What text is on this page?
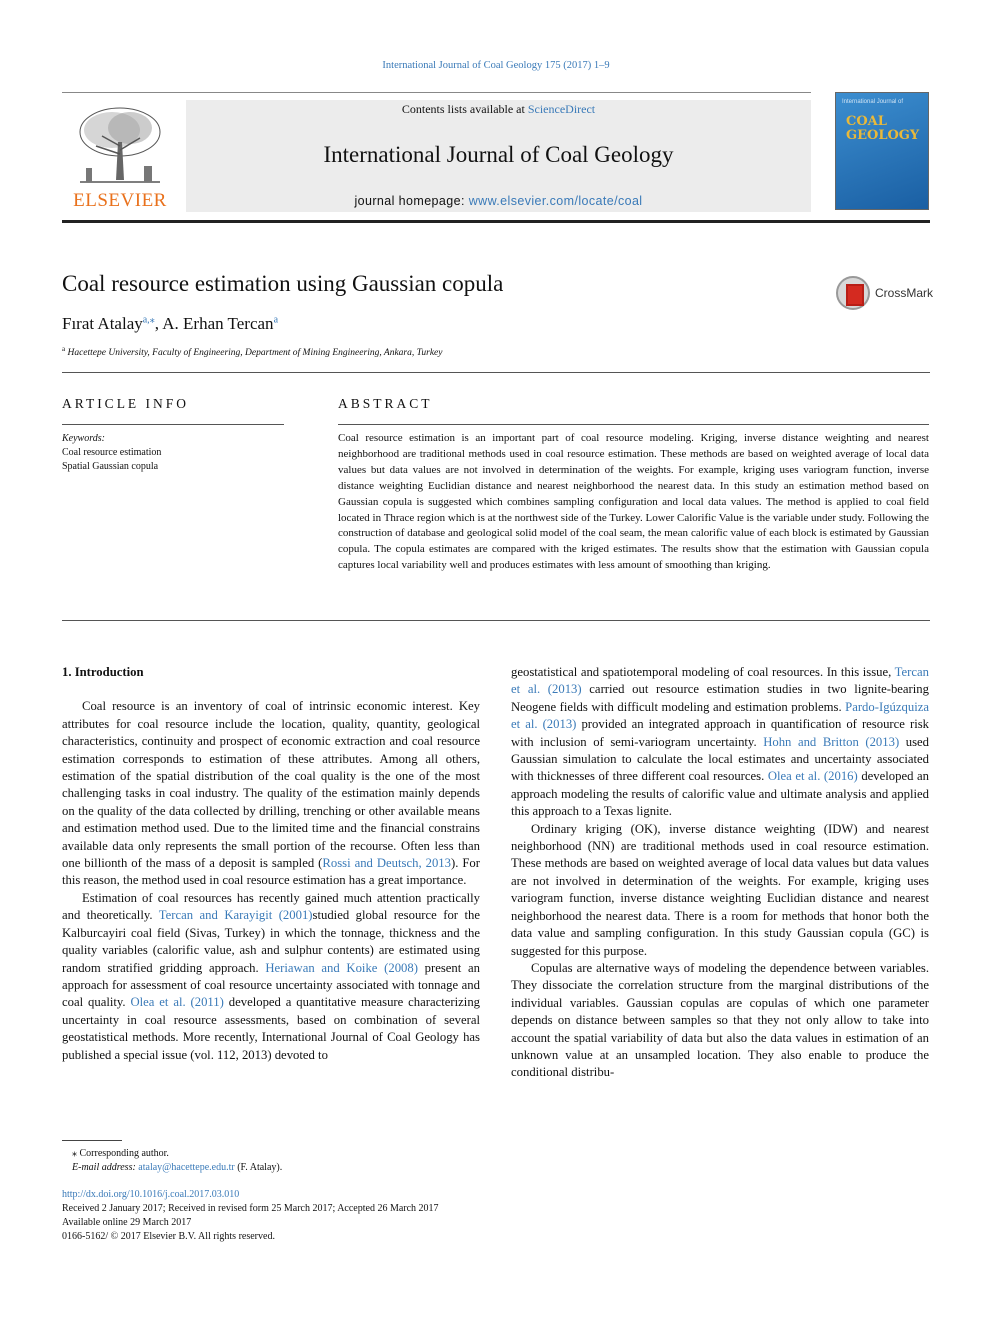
International Journal of Coal Geology 175 (2017) 1–9
ELSEVIER
Contents lists available at ScienceDirect
International Journal of Coal Geology
journal homepage: www.elsevier.com/locate/coal
International Journal of
COAL GEOLOGY
Coal resource estimation using Gaussian copula	CrossMark
Fırat Atalay$^{a,⁎}$, A. Erhan Tercan$^a$
$^a$ Hacettepe University, Faculty of Engineering, Department of Mining Engineering, Ankara, Turkey
ARTICLE INFO
Keywords:
Coal resource estimation
Spatial Gaussian copula
ABSTRACT
Coal resource estimation is an important part of coal resource modeling. Kriging, inverse distance weighting and nearest neighborhood are traditional methods used in coal resource estimation. These methods are based on weighted average of local data values but data values are not involved in determination of the weights. For example, kriging uses variogram function, inverse distance weighting Euclidian distance and nearest neighborhood the nearest data. In this study an estimation method based on Gaussian copula is suggested which combines sampling configuration and local data values. The method is applied to coal field located in Thrace region which is at the northwest side of the Turkey. Lower Calorific Value is the variable under study. Following the construction of database and geological solid model of the coal seam, the mean calorific value of each block is estimated by Gaussian copula. The copula estimates are compared with the kriged estimates. The results show that the estimation with Gaussian copula captures local variability well and produces estimates with less amount of smoothing than kriging.

1. Introduction

Coal resource is an inventory of coal of intrinsic economic interest. Key attributes for coal resource include the location, quality, quantity, geological characteristics, continuity and prospect of economic extraction and coal resource estimation corresponds to estimation of these attributes. Among all others, estimation of the spatial distribution of the coal quality is the one of the most challenging tasks in coal industry. The quality of the estimation mainly depends on the quality of the data collected by drilling, trenching or other available means and estimation method used. Due to the limited time and the financial constrains available data only represents the small portion of the recourse. Often less than one billionth of the mass of a deposit is sampled (Rossi and Deutsch, 2013). For this reason, the method used in coal resource estimation has a great importance.

Estimation of coal resources has recently gained much attention practically and theoretically. Tercan and Karayigit (2001)studied global resource for the Kalburcayiri coal field (Sivas, Turkey) in which the tonnage, thickness and the quality variables (calorific value, ash and sulphur contents) are estimated using random stratified gridding approach. Heriawan and Koike (2008) present an approach for assessment of coal resource uncertainty associated with tonnage and coal quality. Olea et al. (2011) developed a quantitative measure characterizing uncertainty in coal resource assessments, based on combination of several geostatistical methods. More recently, International Journal of Coal Geology has published a special issue (vol. 112, 2013) devoted to

geostatistical and spatiotemporal modeling of coal resources. In this issue, Tercan et al. (2013) carried out resource estimation studies in two lignite-bearing Neogene fields with difficult modeling and estimation problems. Pardo-Igúzquiza et al. (2013) provided an integrated approach in quantification of resource risk with inclusion of semi-variogram uncertainty. Hohn and Britton (2013) used Gaussian simulation to calculate the local estimates and uncertainty associated with thicknesses of three different coal resources. Olea et al. (2016) developed an approach modeling the results of calorific value and ultimate analysis and applied this approach to a Texas lignite.

Ordinary kriging (OK), inverse distance weighting (IDW) and nearest neighborhood (NN) are traditional methods used in coal resource estimation. These methods are based on weighted average of local data values but data values are not involved in determination of the weights. For example, kriging uses variogram function, inverse distance weighting Euclidian distance and nearest neighborhood the nearest data. There is a room for methods that honor both the data value and sampling configuration. In this study Gaussian copula (GC) is suggested for this purpose.

Copulas are alternative ways of modeling the dependence between variables. They dissociate the correlation structure from the marginal distributions of the individual variables. Gaussian copulas are copulas of which one parameter depends on distance between samples so that they not only allow to take into account the spatial variability of data but also the data values in estimation of an unknown value at an unsampled location. They also enable to produce the conditional distribu-

⁎ Corresponding author.
E-mail address: atalay@hacettepe.edu.tr (F. Atalay).
http://dx.doi.org/10.1016/j.coal.2017.03.010
Received 2 January 2017; Received in revised form 25 March 2017; Accepted 26 March 2017
Available online 29 March 2017
0166-5162/ © 2017 Elsevier B.V. All rights reserved.
